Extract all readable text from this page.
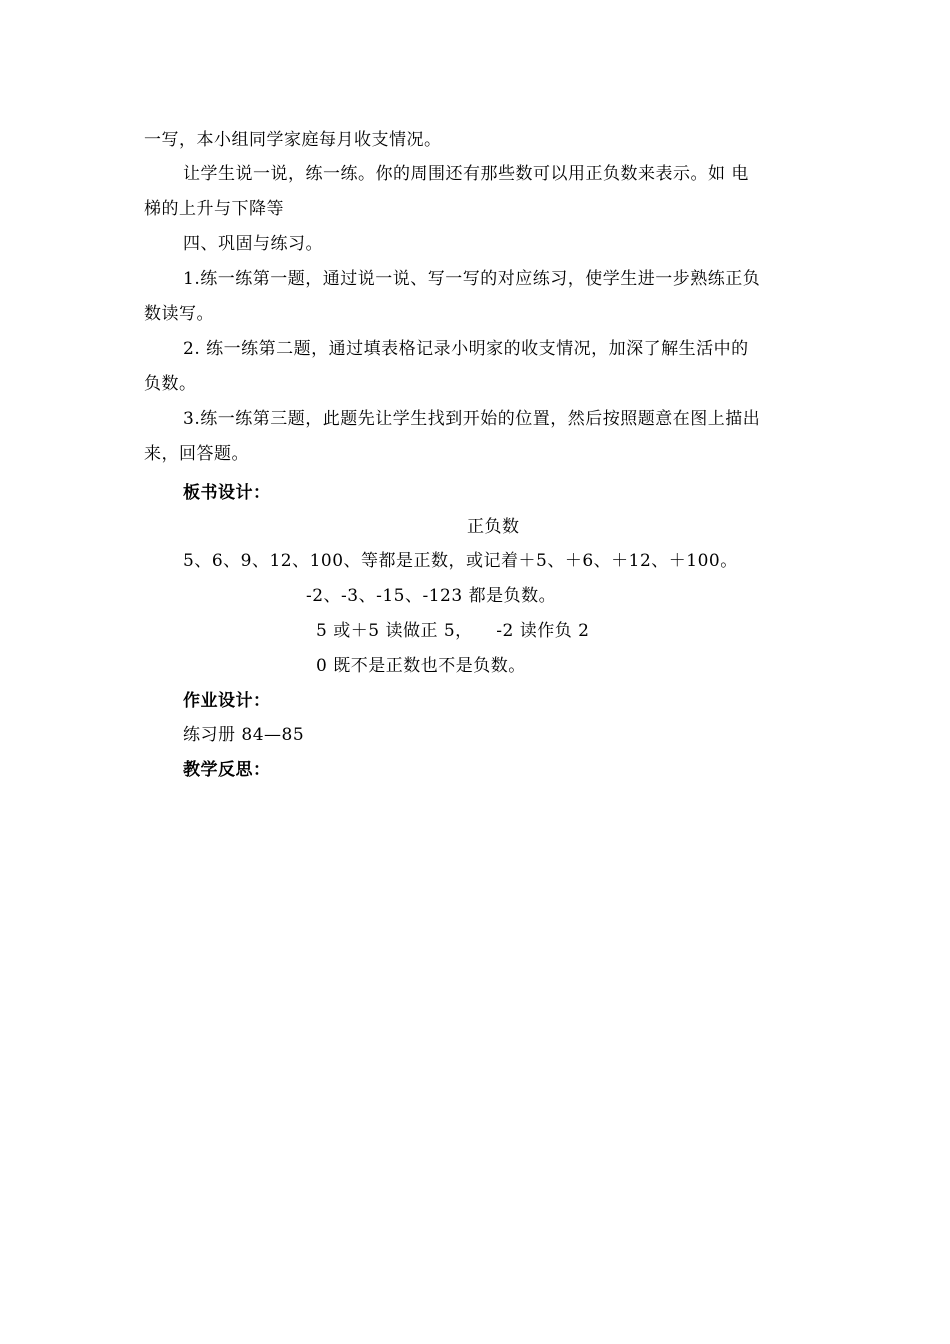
一写，本小组同学家庭每月收支情况。
让学生说一说，练一练。你的周围还有那些数可以用正负数来表示。如 电
梯的上升与下降等
四、巩固与练习。
1.练一练第一题，通过说一说、写一写的对应练习，使学生进一步熟练正负
数读写。
2. 练一练第二题，通过填表格记录小明家的收支情况，加深了解生活中的
负数。
3.练一练第三题，此题先让学生找到开始的位置，然后按照题意在图上描出
来，回答题。
板书设计：
正负数
5、6、9、12、100、等都是正数，或记着＋5、＋6、＋12、＋100。
-2、-3、-15、-123 都是负数。
5 或＋5 读做正 5，    -2 读作负 2
0 既不是正数也不是负数。
作业设计：
练习册 84—85
教学反思：
